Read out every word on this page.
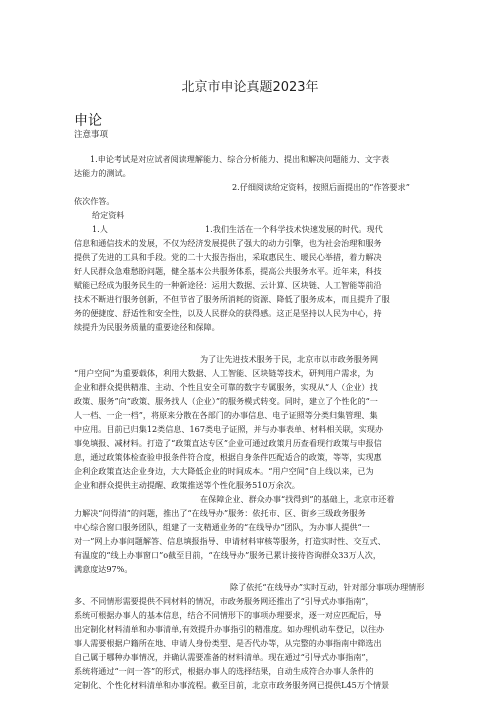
北京市申论真题2023年
申论
注意事项
1.申论考试是对应试者阅读理解能力、综合分析能力、提出和解决问题能力、文字表
达能力的测试。
2.仔细阅读给定资料，按照后面提出的“作答要求”
依次作答。
给定资料
1.人	1.我们生活在一个科学技术快速发展的时代。现代
信息和通信技术的发展，不仅为经济发展提供了强大的动力引擎，也为社会治理和服务
提供了先进的工具和手段。党的二十大报告指出，采取惠民生、暖民心举措，着力解决
好人民群众急难愁盼问题，健全基本公共服务体系，提高公共服务水平。近年来，科技
赋能已经成为服务民生的一种新途径：运用大数据、云计算、区块链、人工智能等前沿
技术不断进行服务创新，不但节省了服务所消耗的资源、降低了服务成本，而且提升了服
务的便捷度、舒适性和安全性，以及人民群众的获得感。这正是坚持以人民为中心，持
续提升为民服务质量的重要途径和保障。
为了让先进技术服务于民，北京市以市政务服务网
“用户空间”为重要载体，利用大数据、人工智能、区块链等技术，研判用户需求，为
企业和群众提供精准、主动、个性且安全可靠的数字专属服务，实现从“人（企业）找
政策、服务”向“政策、服务找人（企业）”的服务模式转变。同时，建立了个性化的“一
人一档、一企一档”，将原来分散在各部门的办事信息、电子证照等分类归集管理、集
中应用。目前已归集12类信息、167类电子证照，并与办事表单、材料相关联，实现办
事免填报、减材料。打造了“政策直达专区”企业可通过政策月历查看现行政策与申报信
息，通过政策体检查验申报条件符合度，根据自身条件匹配适合的政策，等等，实现惠
企利企政策直达企业身边，大大降低企业的时间成本。“用户空间”自上线以来，已为
企业和群众提供主动提醒、政策推送等个性化服务510万余次。
在保障企业、群众办事“找得到”的基础上，北京市还着
力解决“问得清”的问题，推出了“在线导办”服务：依托市、区、街乡三级政务服务
中心综合窗口服务团队，组建了一支精通业务的“在线导办”团队，为办事人提供“一
对一”网上办事问题解答、信息填报指导、申请材料审核等服务，打造实时性、交互式、
有温度的“线上办事窗口”o截至目前，“在线导办”服务已累计接待咨询群众33万人次，
满意度达97%。
除了依托“在线导办”实时互动，针对部分事项办理情形
多、不同情形需要提供不同材料的情况，市政务服务网还推出了“引导式办事指南”，
系统可根据办事人的基本信息，结合不同情形下的事项办理要求，逐一对应匹配后，导
出定制化材料清单和办事清单,有效提升办事指引的精准度。如办理机动车登记，以往办
事人需要根据户籍所在地、申请人身份类型、是否代办等，从完整的办事指南中筛选出
自己属于哪种办事情况，并确认需要准备的材料清单。现在通过“引导式办事指南”，
系统将通过“一问一答”的形式，根据办事人的选择结果，自动生成符合办事人条件的
定制化、个性化材料清单和办事流程。截至目前，北京市政务服务网已提供L45万个情景
